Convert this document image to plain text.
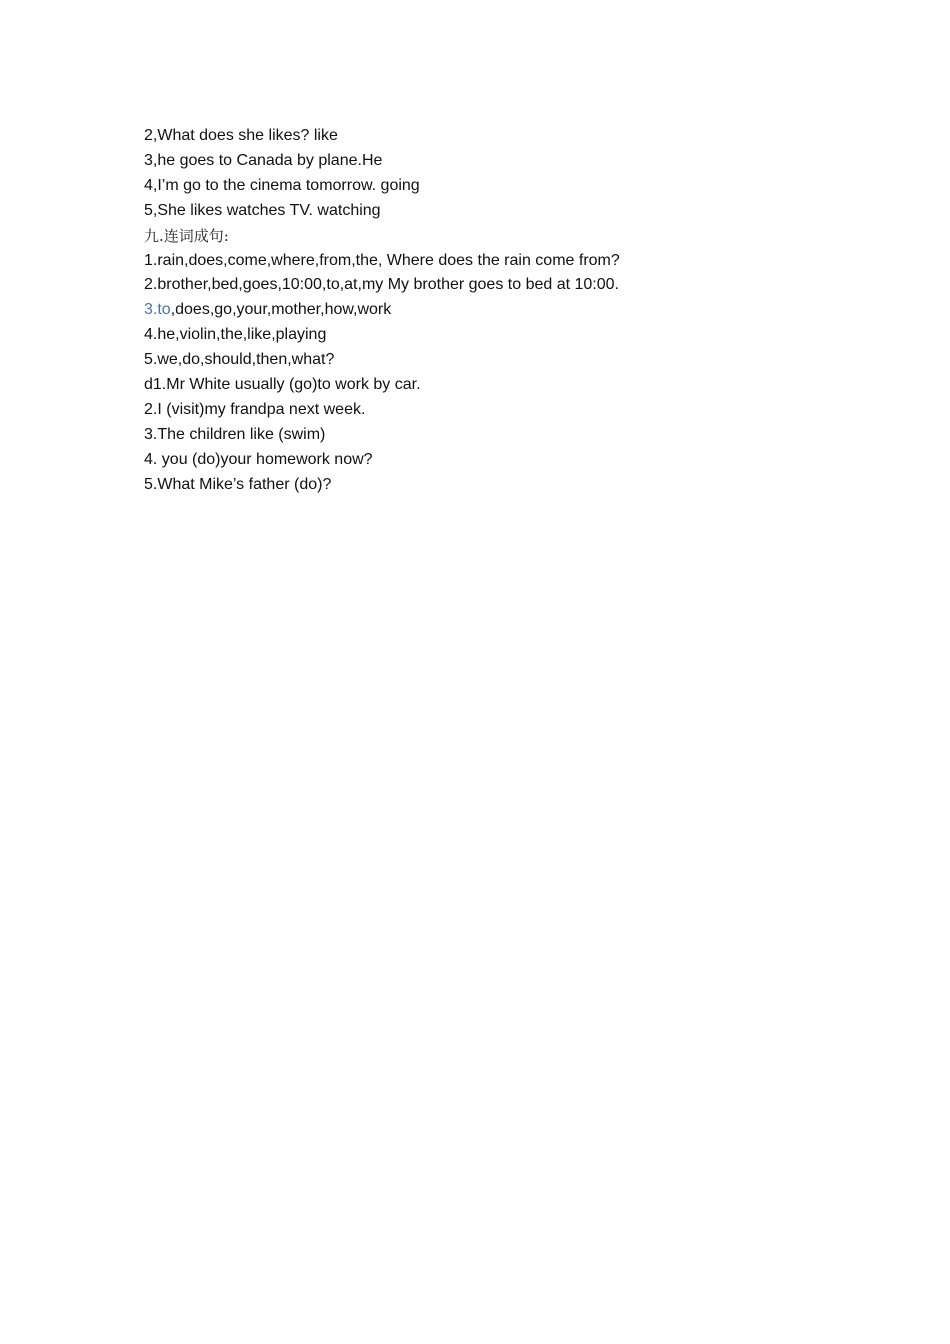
2,What does she likes? like
3,he goes to Canada by plane.He
4,I’m go to the cinema tomorrow. going
5,She likes watches TV. watching
九.连词成句:
1.rain,does,come,where,from,the, Where does the rain come from?
2.brother,bed,goes,10:00,to,at,my My brother goes to bed at 10:00.
3.to,does,go,your,mother,how,work
4.he,violin,the,like,playing
5.we,do,should,then,what?
d1.Mr White usually (go)to work by car.
2.I (visit)my frandpa next week.
3.The children like (swim)
4. you (do)your homework now?
5.What Mike’s father (do)?
